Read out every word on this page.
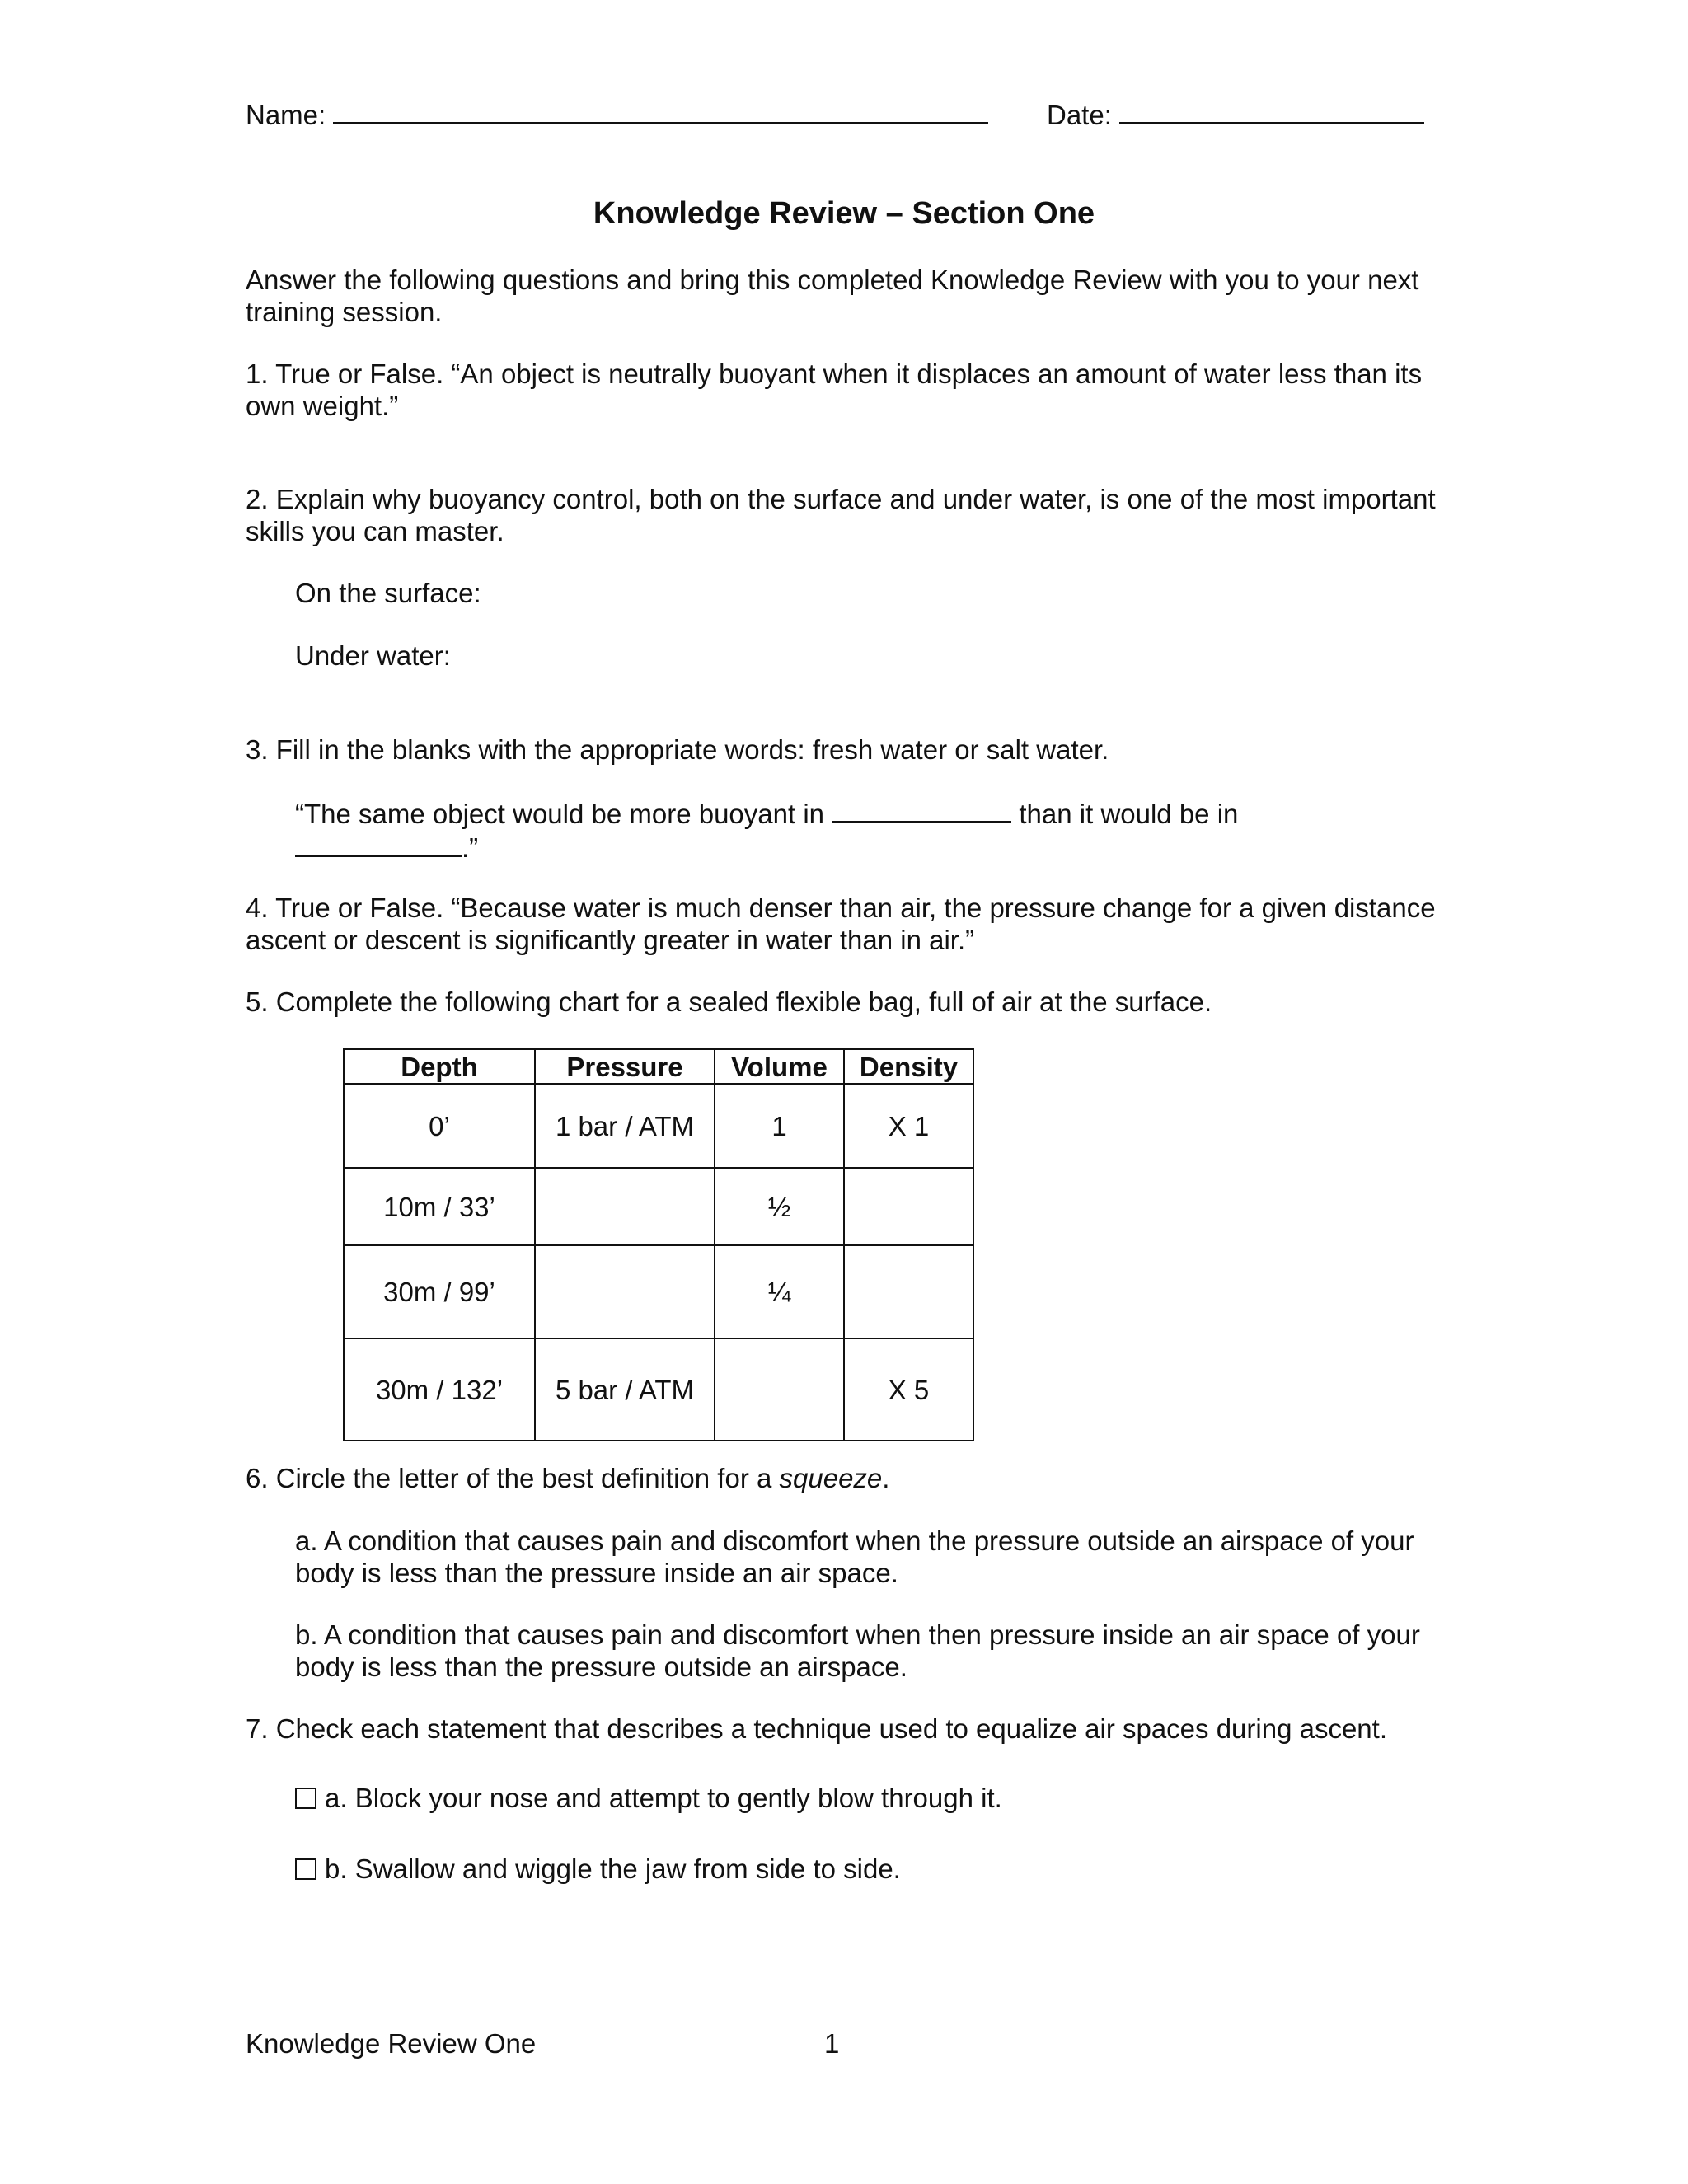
Name:	Date:
Knowledge Review – Section One

Answer the following questions and bring this completed Knowledge Review with you to your next training session.

1. True or False. “An object is neutrally buoyant when it displaces an amount of water less than its own weight.”

2. Explain why buoyancy control, both on the surface and under water, is one of the most important skills you can master.

On the surface:

Under water:

3. Fill in the blanks with the appropriate words: fresh water or salt water.

“The same object would be more buoyant in	than it would be in
.”

4. True or False. “Because water is much denser than air, the pressure change for a given distance ascent or descent is significantly greater in water than in air.”

5. Complete the following chart for a sealed flexible bag, full of air at the surface.

Depth	Pressure	Volume	Density
0’	1 bar / ATM	1	X 1
10m / 33’		½	
30m / 99’		¼	
30m / 132’	5 bar / ATM		X 5

6. Circle the letter of the best definition for a squeeze.

a. A condition that causes pain and discomfort when the pressure outside an airspace of your body is less than the pressure inside an air space.

b. A condition that causes pain and discomfort when then pressure inside an air space of your body is less than the pressure outside an airspace.

7. Check each statement that describes a technique used to equalize air spaces during ascent.

a. Block your nose and attempt to gently blow through it.
b. Swallow and wiggle the jaw from side to side.
Knowledge Review One	1
